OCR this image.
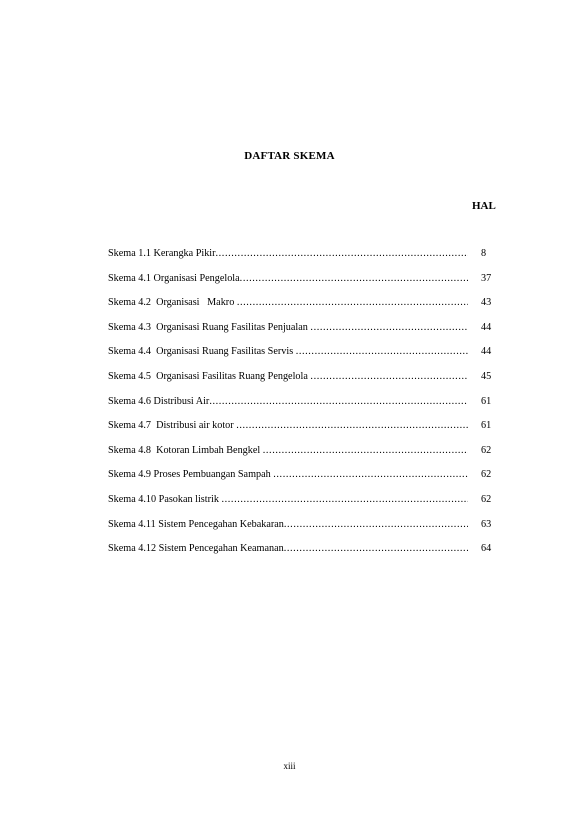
DAFTAR SKEMA
HAL
Skema 1.1 Kerangka Pikir .....	8
Skema 4.1 Organisasi Pengelola .....	37
Skema 4.2  Organisasi   Makro .....	43
Skema 4.3  Organisasi Ruang Fasilitas Penjualan .....	44
Skema 4.4  Organisasi Ruang Fasilitas Servis .....	44
Skema 4.5  Organisasi Fasilitas Ruang Pengelola .....	45
Skema 4.6 Distribusi Air .....	61
Skema 4.7  Distribusi air kotor .....	61
Skema 4.8  Kotoran Limbah Bengkel .....	62
Skema 4.9 Proses Pembuangan Sampah .....	62
Skema 4.10 Pasokan listrik .....	62
Skema 4.11 Sistem Pencegahan Kebakaran .....	63
Skema 4.12 Sistem Pencegahan Keamanan .....	64
xiii
